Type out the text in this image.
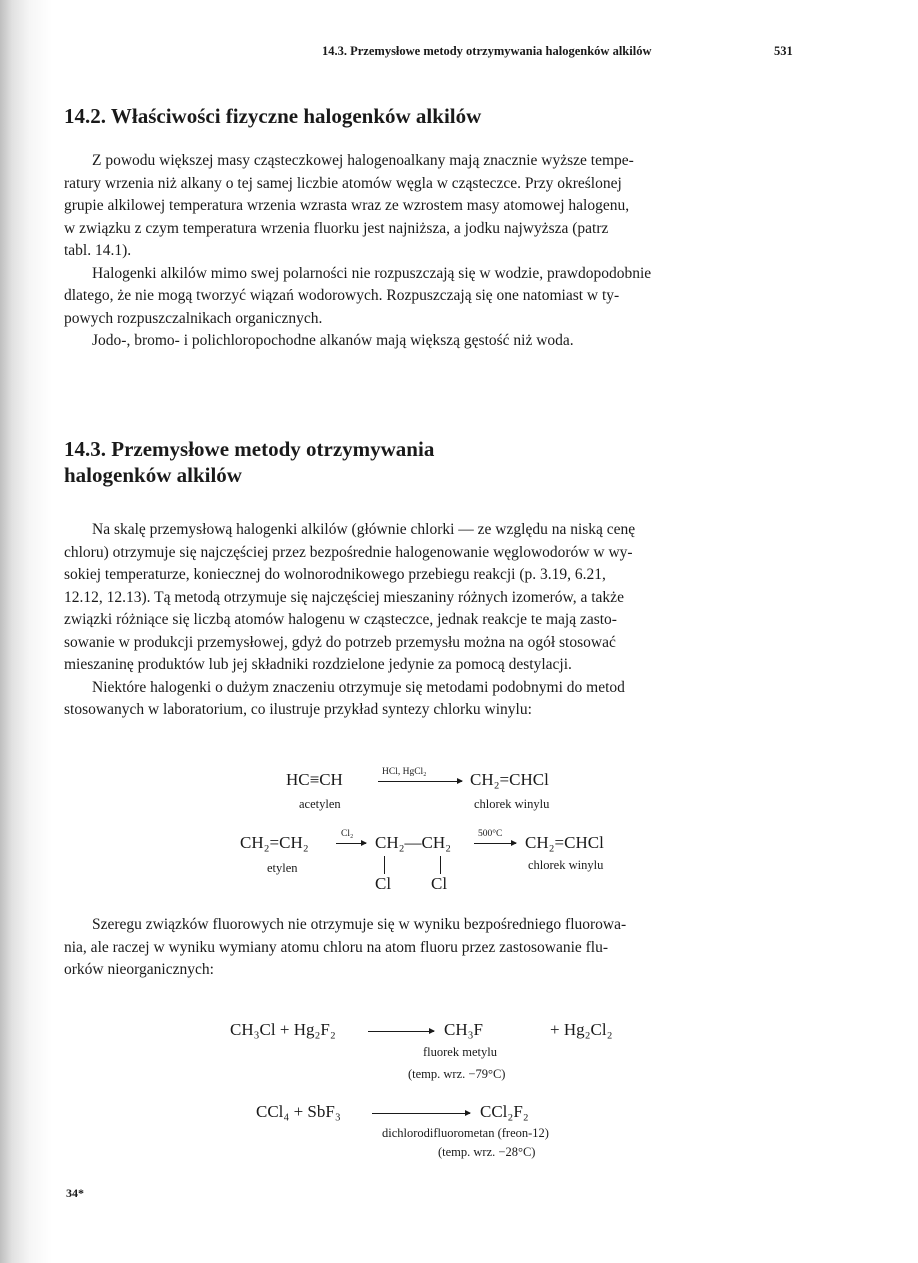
14.3. Przemysłowe metody otrzymywania halogenków alkilów	531
14.2. Właściwości fizyczne halogenków alkilów

Z powodu większej masy cząsteczkowej halogenoalkany mają znacznie wyższe tempe-
ratury wrzenia niż alkany o tej samej liczbie atomów węgla w cząsteczce. Przy określonej
grupie alkilowej temperatura wrzenia wzrasta wraz ze wzrostem masy atomowej halogenu,
w związku z czym temperatura wrzenia fluorku jest najniższa, a jodku najwyższa (patrz
tabl. 14.1).

Halogenki alkilów mimo swej polarności nie rozpuszczają się w wodzie, prawdopodobnie
dlatego, że nie mogą tworzyć wiązań wodorowych. Rozpuszczają się one natomiast w ty-
powych rozpuszczalnikach organicznych.

Jodo-, bromo- i polichloropochodne alkanów mają większą gęstość niż woda.

14.3. Przemysłowe metody otrzymywania
halogenków alkilów

Na skalę przemysłową halogenki alkilów (głównie chlorki — ze względu na niską cenę
chloru) otrzymuje się najczęściej przez bezpośrednie halogenowanie węglowodorów w wy-
sokiej temperaturze, koniecznej do wolnorodnikowego przebiegu reakcji (p. 3.19, 6.21,
12.12, 12.13). Tą metodą otrzymuje się najczęściej mieszaniny różnych izomerów, a także
związki różniące się liczbą atomów halogenu w cząsteczce, jednak reakcje te mają zasto-
sowanie w produkcji przemysłowej, gdyż do potrzeb przemysłu można na ogół stosować
mieszaninę produktów lub jej składniki rozdzielone jedynie za pomocą destylacji.

Niektóre halogenki o dużym znaczeniu otrzymuje się metodami podobnymi do metod
stosowanych w laboratorium, co ilustruje przykład syntezy chlorku winylu:

HC≡CH	HCl, HgCl₂	CH₂=CHCl
acetylen	chlorek winylu
CH₂=CH₂	Cl₂ → CH₂—CH₂
Cl Cl
500°C → CH₂=CHCl
etylen	chlorek winylu

Szeregu związków fluorowych nie otrzymuje się w wyniku bezpośredniego fluorowa-
nia, ale raczej w wyniku wymiany atomu chloru na atom fluoru przez zastosowanie flu-
orków nieorganicznych:

CH₃Cl + Hg₂F₂	CH₃F	+ Hg₂Cl₂
fluorek metylu
(temp. wrz. −79°C)
CCl₄ + SbF₃	CCl₂F₂
dichlorodifluorometan (freon-12)
(temp. wrz. −28°C)
34*
